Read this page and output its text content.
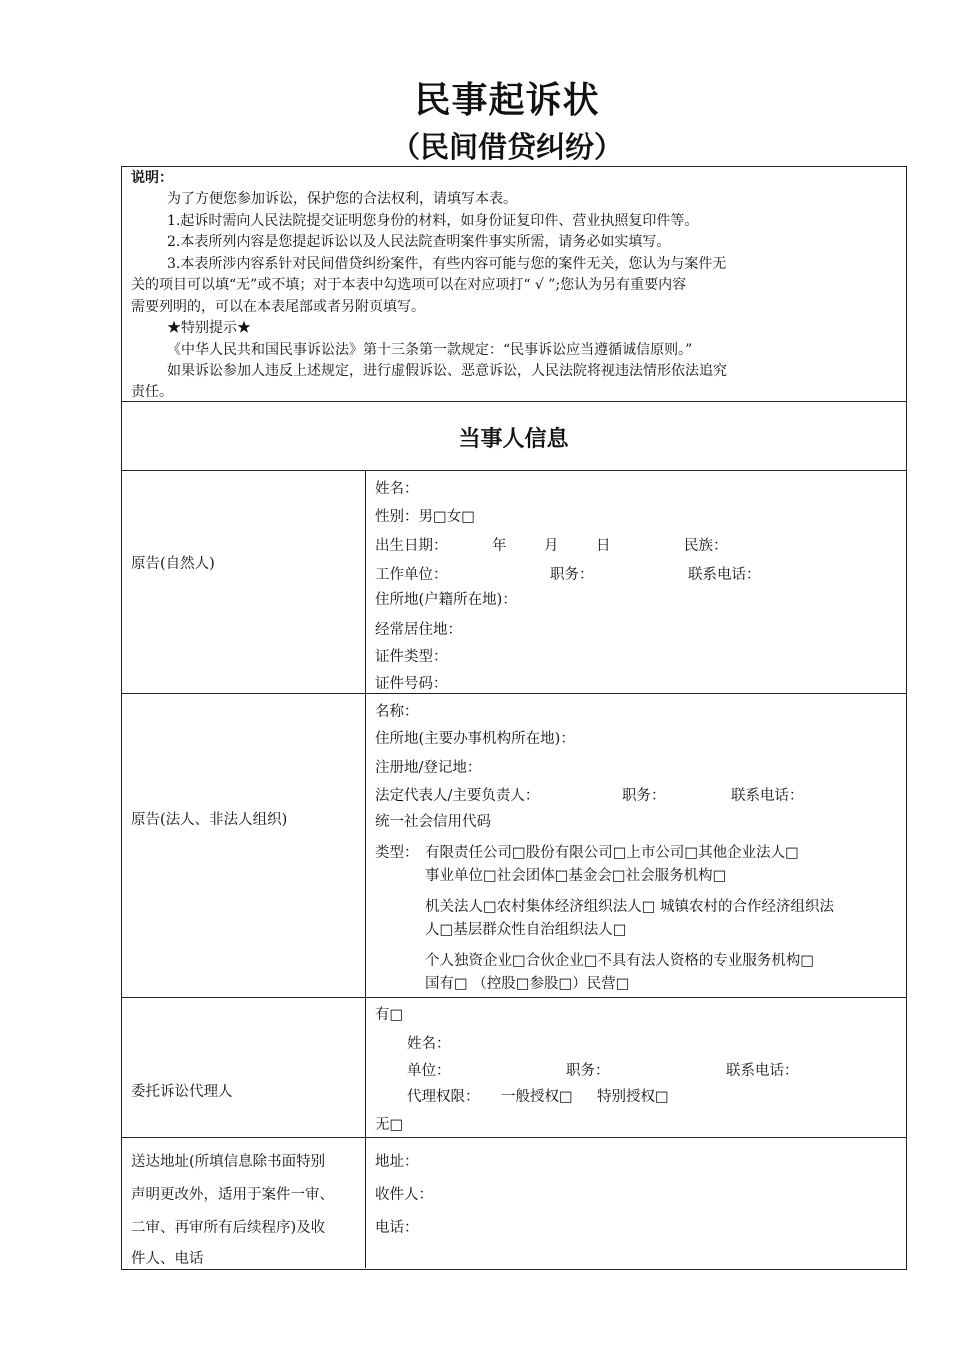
民事起诉状
（民间借贷纠纷）
说明：
为了方便您参加诉讼，保护您的合法权利，请填写本表。
1.起诉时需向人民法院提交证明您身份的材料，如身份证复印件、营业执照复印件等。
2.本表所列内容是您提起诉讼以及人民法院查明案件事实所需，请务必如实填写。
3.本表所涉内容系针对民间借贷纠纷案件，有些内容可能与您的案件无关，您认为与案件无
关的项目可以填“无”或不填；对于本表中勾选项可以在对应项打“ √ ”;您认为另有重要内容
需要列明的，可以在本表尾部或者另附页填写。
★特别提示★
《中华人民共和国民事诉讼法》第十三条第一款规定：“民事诉讼应当遵循诚信原则。”
如果诉讼参加人违反上述规定，进行虚假诉讼、恶意诉讼，人民法院将视违法情形依法追究
责任。
当事人信息
原告(自然人)
姓名：
性别：男□女□
出生日期：	年	月	日	民族：
工作单位：	职务：	联系电话：
住所地(户籍所在地)：
经常居住地：
证件类型：
证件号码：
原告(法人、非法人组织)
名称：
住所地(主要办事机构所在地)：
注册地/登记地：
法定代表人/主要负责人：	职务：	联系电话：
统一社会信用代码
类型： 有限责任公司□股份有限公司□上市公司□其他企业法人□
事业单位□社会团体□基金会□社会服务机构□
机关法人□农村集体经济组织法人□ 城镇农村的合作经济组织法
人□基层群众性自治组织法人□
个人独资企业□合伙企业□不具有法人资格的专业服务机构□
国有□ （控股□参股□）民营□
委托诉讼代理人
有□
姓名：
单位：	职务：	联系电话：
代理权限： 一般授权□ 特别授权□
无□
送达地址(所填信息除书面特别
声明更改外，适用于案件一审、
二审、再审所有后续程序)及收
件人、电话
地址：
收件人：
电话：
